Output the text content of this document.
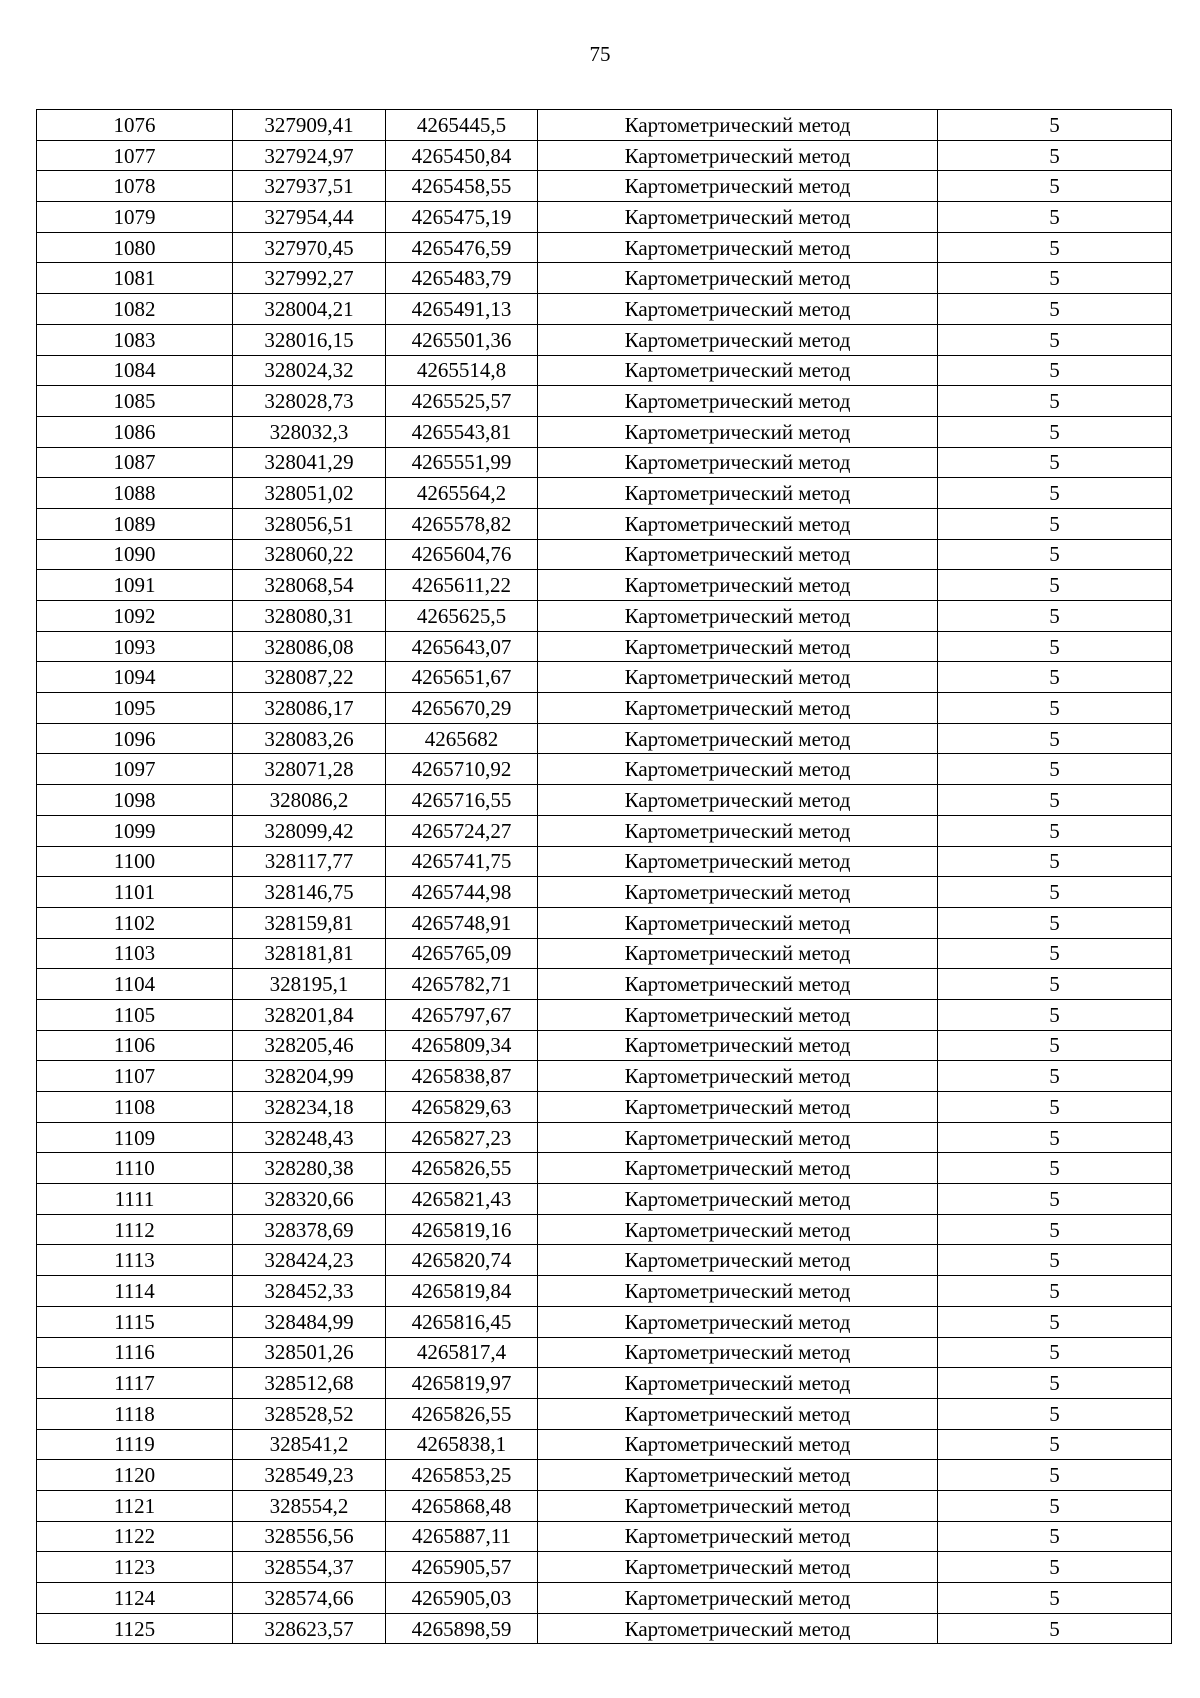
75
1076	327909,41	4265445,5	Картометрический метод	5
1077	327924,97	4265450,84	Картометрический метод	5
1078	327937,51	4265458,55	Картометрический метод	5
1079	327954,44	4265475,19	Картометрический метод	5
1080	327970,45	4265476,59	Картометрический метод	5
1081	327992,27	4265483,79	Картометрический метод	5
1082	328004,21	4265491,13	Картометрический метод	5
1083	328016,15	4265501,36	Картометрический метод	5
1084	328024,32	4265514,8	Картометрический метод	5
1085	328028,73	4265525,57	Картометрический метод	5
1086	328032,3	4265543,81	Картометрический метод	5
1087	328041,29	4265551,99	Картометрический метод	5
1088	328051,02	4265564,2	Картометрический метод	5
1089	328056,51	4265578,82	Картометрический метод	5
1090	328060,22	4265604,76	Картометрический метод	5
1091	328068,54	4265611,22	Картометрический метод	5
1092	328080,31	4265625,5	Картометрический метод	5
1093	328086,08	4265643,07	Картометрический метод	5
1094	328087,22	4265651,67	Картометрический метод	5
1095	328086,17	4265670,29	Картометрический метод	5
1096	328083,26	4265682	Картометрический метод	5
1097	328071,28	4265710,92	Картометрический метод	5
1098	328086,2	4265716,55	Картометрический метод	5
1099	328099,42	4265724,27	Картометрический метод	5
1100	328117,77	4265741,75	Картометрический метод	5
1101	328146,75	4265744,98	Картометрический метод	5
1102	328159,81	4265748,91	Картометрический метод	5
1103	328181,81	4265765,09	Картометрический метод	5
1104	328195,1	4265782,71	Картометрический метод	5
1105	328201,84	4265797,67	Картометрический метод	5
1106	328205,46	4265809,34	Картометрический метод	5
1107	328204,99	4265838,87	Картометрический метод	5
1108	328234,18	4265829,63	Картометрический метод	5
1109	328248,43	4265827,23	Картометрический метод	5
1110	328280,38	4265826,55	Картометрический метод	5
1111	328320,66	4265821,43	Картометрический метод	5
1112	328378,69	4265819,16	Картометрический метод	5
1113	328424,23	4265820,74	Картометрический метод	5
1114	328452,33	4265819,84	Картометрический метод	5
1115	328484,99	4265816,45	Картометрический метод	5
1116	328501,26	4265817,4	Картометрический метод	5
1117	328512,68	4265819,97	Картометрический метод	5
1118	328528,52	4265826,55	Картометрический метод	5
1119	328541,2	4265838,1	Картометрический метод	5
1120	328549,23	4265853,25	Картометрический метод	5
1121	328554,2	4265868,48	Картометрический метод	5
1122	328556,56	4265887,11	Картометрический метод	5
1123	328554,37	4265905,57	Картометрический метод	5
1124	328574,66	4265905,03	Картометрический метод	5
1125	328623,57	4265898,59	Картометрический метод	5
